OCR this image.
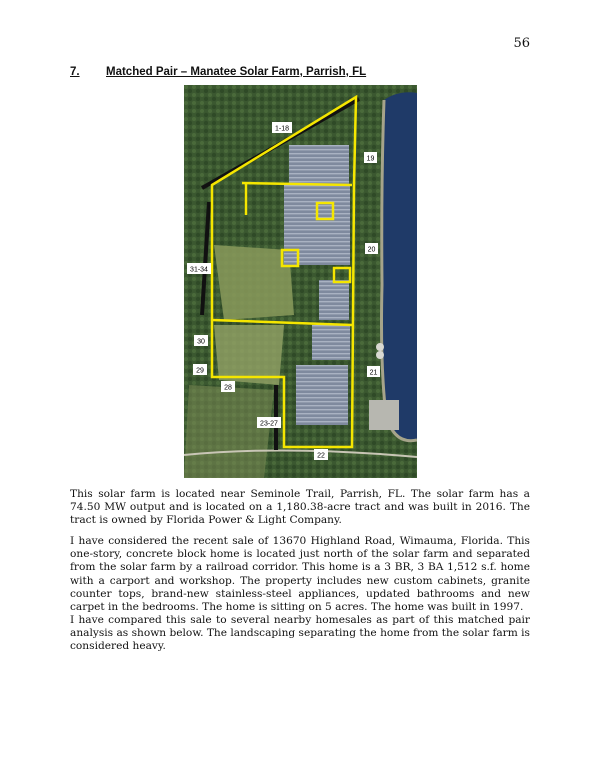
56
7.	Matched Pair – Manatee Solar Farm, Parrish, FL
1-18
19
20
31-34
30
29
28
21
23-27
22
This solar farm is located near Seminole Trail, Parrish, FL. The solar farm has a 74.50 MW output and is located on a 1,180.38-acre tract and was built in 2016. The tract is owned by Florida Power & Light Company.
I have considered the recent sale of 13670 Highland Road, Wimauma, Florida. This one-story, concrete block home is located just north of the solar farm and separated from the solar farm by a railroad corridor. This home is a 3 BR, 3 BA 1,512 s.f. home with a carport and workshop. The property includes new custom cabinets, granite counter tops, brand-new stainless-steel appliances, updated bathrooms and new carpet in the bedrooms. The home is sitting on 5 acres. The home was built in 1997.
I have compared this sale to several nearby homesales as part of this matched pair analysis as shown below. The landscaping separating the home from the solar farm is considered heavy.
